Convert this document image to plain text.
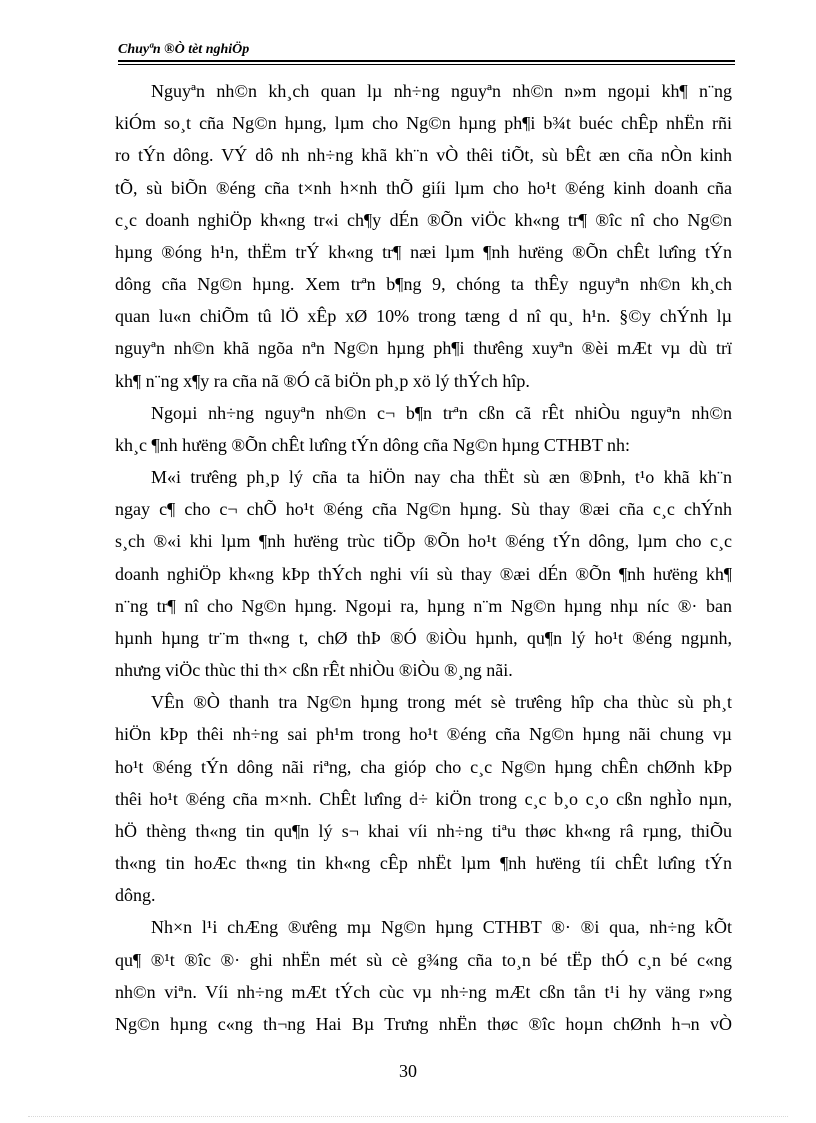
Chuyªn ®Ò tèt nghiÖp
Nguyªn nh©n kh¸ch quan lµ nh÷ng nguyªn nh©n n»m ngoµi kh¶ n¨ng
kiÓm so¸t cña Ng©n hµng, lµm cho Ng©n hµng ph¶i b¾t buéc chÊp nhËn rñi
ro tÝn dông. VÝ dô nh nh÷ng khã kh¨n vÒ thêi tiÕt, sù bÊt æn cña nÒn kinh
tÕ, sù biÕn ®éng cña t×nh h×nh thÕ giíi lµm cho ho¹t ®éng kinh doanh cña
c¸c doanh nghiÖp kh«ng tr«i ch¶y dÉn ®Õn viÖc kh«ng tr¶ ®îc nî cho Ng©n
hµng ®óng h¹n, thËm trÝ kh«ng tr¶ næi lµm ¶nh hưëng ®Õn chÊt lưîng tÝn
dông cña Ng©n hµng. Xem trªn b¶ng 9, chóng ta thÊy nguyªn nh©n kh¸ch
quan lu«n chiÕm tû lÖ xÊp xØ 10% trong tæng d nî qu¸ h¹n. §©y chÝnh lµ
nguyªn nh©n khã ngõa nªn Ng©n hµng ph¶i thưêng xuyªn ®èi mÆt vµ dù trï
kh¶ n¨ng x¶y ra cña nã ®Ó cã biÖn ph¸p xö lý thÝch hîp.
Ngoµi nh÷ng nguyªn nh©n c¬ b¶n trªn cßn cã rÊt nhiÒu nguyªn nh©n
kh¸c ¶nh hưëng ®Õn chÊt lưîng tÝn dông cña Ng©n hµng CTHBT nh:
M«i trưêng ph¸p lý cña ta hiÖn nay cha thËt sù æn ®Þnh, t¹o khã kh¨n
ngay c¶ cho c¬ chÕ ho¹t ®éng cña Ng©n hµng. Sù thay ®æi cña c¸c chÝnh
s¸ch ®«i khi lµm ¶nh hưëng trùc tiÕp ®Õn ho¹t ®éng tÝn dông, lµm cho c¸c
doanh nghiÖp kh«ng kÞp thÝch nghi víi sù thay ®æi dÉn ®Õn ¶nh hưëng kh¶
n¨ng tr¶ nî cho Ng©n hµng. Ngoµi ra, hµng n¨m Ng©n hµng nhµ níc ®· ban
hµnh hµng tr¨m th«ng t, chØ thÞ ®Ó ®iÒu hµnh, qu¶n lý ho¹t ®éng ngµnh,
nhưng viÖc thùc thi th× cßn rÊt nhiÒu ®iÒu ®¸ng nãi.
VÊn ®Ò thanh tra Ng©n hµng trong mét sè trưêng hîp cha thùc sù ph¸t
hiÖn kÞp thêi nh÷ng sai ph¹m trong ho¹t ®éng cña Ng©n hµng nãi chung vµ
ho¹t ®éng tÝn dông nãi riªng, cha gióp cho c¸c Ng©n hµng chÊn chØnh kÞp
thêi ho¹t ®éng cña m×nh. ChÊt lưîng d÷ kiÖn trong c¸c b¸o c¸o cßn nghÌo nµn,
hÖ thèng th«ng tin qu¶n lý s¬ khai víi nh÷ng tiªu thøc kh«ng râ rµng, thiÕu
th«ng tin hoÆc th«ng tin kh«ng cÊp nhËt lµm ¶nh hưëng tíi chÊt lưîng tÝn
dông.
Nh×n l¹i chÆng ®ưêng mµ Ng©n hµng CTHBT ®· ®i qua, nh÷ng kÕt
qu¶ ®¹t ®îc ®· ghi nhËn mét sù cè g¾ng cña to¸n bé tËp thÓ c¸n bé c«ng
nh©n viªn. Víi nh÷ng mÆt tÝch cùc vµ nh÷ng mÆt cßn tån t¹i hy väng r»ng
Ng©n hµng c«ng th¬ng Hai Bµ Trưng nhËn thøc ®îc hoµn chØnh h¬n vÒ
30
